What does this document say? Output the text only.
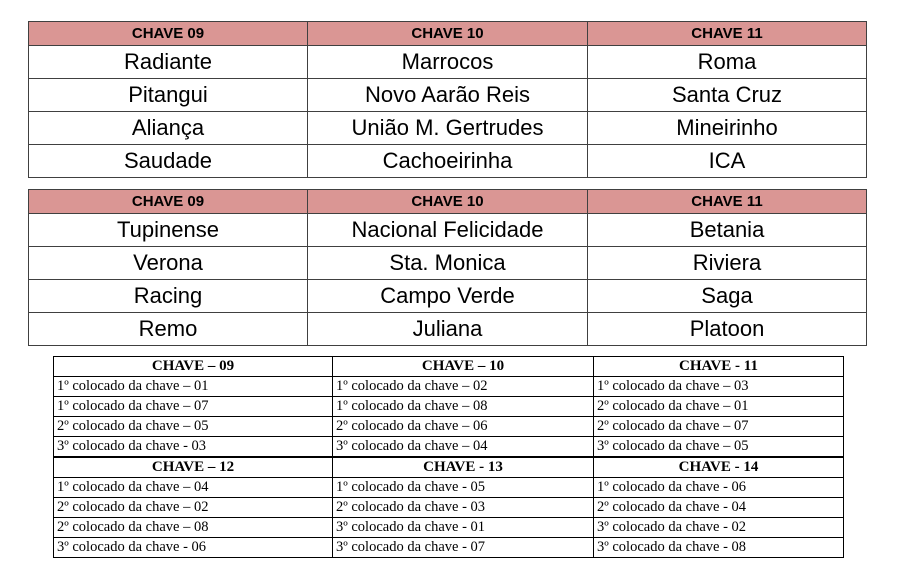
CHAVE 09	CHAVE 10	CHAVE 11
Radiante	Marrocos	Roma
Pitangui	Novo Aarão Reis	Santa Cruz
Aliança	União M. Gertrudes	Mineirinho
Saudade	Cachoeirinha	ICA
CHAVE 09	CHAVE 10	CHAVE 11
Tupinense	Nacional Felicidade	Betania
Verona	Sta. Monica	Riviera
Racing	Campo Verde	Saga
Remo	Juliana	Platoon
CHAVE – 09	CHAVE – 10	CHAVE - 11
1º colocado da chave – 01	1º colocado da chave – 02	1º colocado da chave – 03
1º colocado da chave – 07	1º colocado da chave – 08	2º colocado da chave – 01
2º colocado da chave – 05	2º colocado da chave – 06	2º colocado da chave – 07
3º colocado da chave - 03	3º colocado da chave – 04	3º colocado da chave – 05
CHAVE – 12	CHAVE - 13	CHAVE - 14
1º colocado da chave – 04	1º colocado da chave - 05	1º colocado da chave - 06
2º colocado da chave – 02	2º colocado da chave - 03	2º colocado da chave - 04
2º colocado da chave – 08	3º colocado da chave - 01	3º colocado da chave - 02
3º colocado da chave - 06	3º colocado da chave - 07	3º colocado da chave - 08
